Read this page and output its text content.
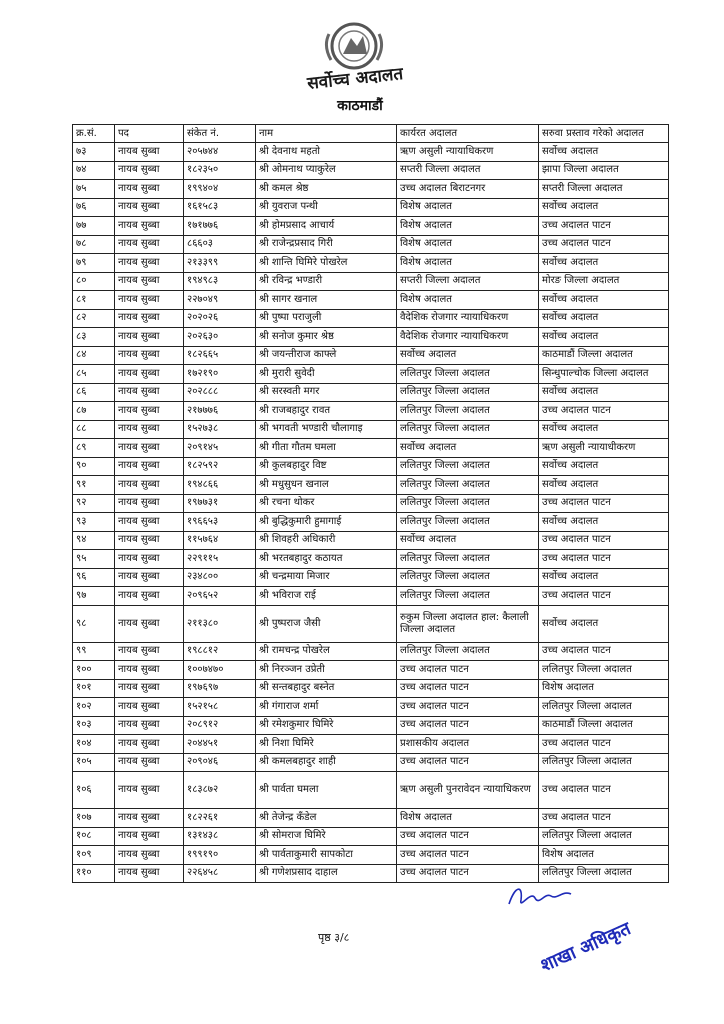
सर्वोच्च अदालत
काठमाडौं
क्र.सं.	पद	संकेत नं.	नाम	कार्यरत अदालत	सरुवा प्रस्ताव गरेको अदालत
७३	नायब सुब्बा	२०५७४४	श्री देवनाथ महतो	ऋण असुली न्यायाधिकरण	सर्वोच्च अदालत
७४	नायब सुब्बा	१८२३५०	श्री ओमनाथ प्याकुरेल	सप्तरी जिल्ला अदालत	झापा जिल्ला अदालत
७५	नायब सुब्बा	१९९४०४	श्री कमल श्रेष्ठ	उच्च अदालत बिराटनगर	सप्तरी जिल्ला अदालत
७६	नायब सुब्बा	१६१५८३	श्री युवराज पन्थी	विशेष अदालत	सर्वोच्च अदालत
७७	नायब सुब्बा	१७१७७६	श्री होमप्रसाद आचार्य	विशेष अदालत	उच्च अदालत पाटन
७८	नायब सुब्बा	८६६०३	श्री राजेन्द्रप्रसाद गिरी	विशेष अदालत	उच्च अदालत पाटन
७९	नायब सुब्बा	२१३३९९	श्री शान्ति घिमिरे पोखरेल	विशेष अदालत	सर्वोच्च अदालत
८०	नायब सुब्बा	१९४९८३	श्री रविन्द्र भण्डारी	सप्तरी जिल्ला अदालत	मोरङ जिल्ला अदालत
८१	नायब सुब्बा	२२७०४९	श्री सागर खनाल	विशेष अदालत	सर्वोच्च अदालत
८२	नायब सुब्बा	२०२०२६	श्री पुष्पा पराजुली	वैदेशिक रोजगार न्यायाधिकरण	सर्वोच्च अदालत
८३	नायब सुब्बा	२०२६३०	श्री सनोज कुमार श्रेष्ठ	वैदेशिक रोजगार न्यायाधिकरण	सर्वोच्च अदालत
८४	नायब सुब्बा	१८२६६५	श्री जयन्तीराज काफ्ले	सर्वोच्च अदालत	काठमाडौं जिल्ला अदालत
८५	नायब सुब्बा	१७२१९०	श्री मुरारी सुवेदी	ललितपुर जिल्ला अदालत	सिन्धुपाल्चोक जिल्ला अदालत
८६	नायब सुब्बा	२०२८८८	श्री सरस्वती मगर	ललितपुर जिल्ला अदालत	सर्वोच्च अदालत
८७	नायब सुब्बा	२१७७७६	श्री राजबहादुर रावत	ललितपुर जिल्ला अदालत	उच्च अदालत पाटन
८८	नायब सुब्बा	१५२७३८	श्री भगवती भण्डारी चौलागाइ	ललितपुर जिल्ला अदालत	सर्वोच्च अदालत
८९	नायब सुब्बा	२०९१४५	श्री गीता गौतम घमला	सर्वोच्च अदालत	ऋण असुली न्यायाधीकरण
९०	नायब सुब्बा	१८२५९२	श्री कुलबहादुर विष्ट	ललितपुर जिल्ला अदालत	सर्वोच्च अदालत
९१	नायब सुब्बा	१९४८६६	श्री मधुसुधन खनाल	ललितपुर जिल्ला अदालत	सर्वोच्च अदालत
९२	नायब सुब्बा	१९७७३१	श्री रचना थोकर	ललितपुर जिल्ला अदालत	उच्च अदालत पाटन
९३	नायब सुब्बा	१९६६५३	श्री बुद्धिकुमारी हुमागाई	ललितपुर जिल्ला अदालत	सर्वोच्च अदालत
९४	नायब सुब्बा	११५७६४	श्री शिवहरी अधिकारी	सर्वोच्च अदालत	उच्च अदालत पाटन
९५	नायब सुब्बा	२२९११५	श्री भरतबहादुर कठायत	ललितपुर जिल्ला अदालत	उच्च अदालत पाटन
९६	नायब सुब्बा	२३४८००	श्री चन्द्रमाया मिजार	ललितपुर जिल्ला अदालत	सर्वोच्च अदालत
९७	नायब सुब्बा	२०९६५२	श्री भविराज राई	ललितपुर जिल्ला अदालत	उच्च अदालत पाटन
९८	नायब सुब्बा	२११३८०	श्री पुष्पराज जैसी	रुकुम जिल्ला अदालत हाल: कैलाली जिल्ला अदालत	सर्वोच्च अदालत
९९	नायब सुब्बा	१९८८१२	श्री रामचन्द्र पोखरेल	ललितपुर जिल्ला अदालत	उच्च अदालत पाटन
१००	नायब सुब्बा	१००७४७०	श्री निरञ्जन उप्रेती	उच्च अदालत पाटन	ललितपुर जिल्ला अदालत
१०१	नायब सुब्बा	१९७६९७	श्री सन्तबहादुर बस्नेत	उच्च अदालत पाटन	विशेष अदालत
१०२	नायब सुब्बा	१५२१५८	श्री गंगाराज शर्मा	उच्च अदालत पाटन	ललितपुर जिल्ला अदालत
१०३	नायब सुब्बा	२०८९१२	श्री रमेशकुमार घिमिरे	उच्च अदालत पाटन	काठमाडौं जिल्ला अदालत
१०४	नायब सुब्बा	२०४४५१	श्री निशा घिमिरे	प्रशासकीय अदालत	उच्च अदालत पाटन
१०५	नायब सुब्बा	२०९०४६	श्री कमलबहादुर शाही	उच्च अदालत पाटन	ललितपुर जिल्ला अदालत
१०६	नायब सुब्बा	१८३८७२	श्री पार्वता घमला	ऋण असुली पुनरावेदन न्यायाधिकरण	उच्च अदालत पाटन
१०७	नायब सुब्बा	१८२२६१	श्री तेजेन्द्र कँडेल	विशेष अदालत	उच्च अदालत पाटन
१०८	नायब सुब्बा	१३१४३८	श्री सोमराज घिमिरे	उच्च अदालत पाटन	ललितपुर जिल्ला अदालत
१०९	नायब सुब्बा	१९९१९०	श्री पार्वताकुमारी सापकोटा	उच्च अदालत पाटन	विशेष अदालत
११०	नायब सुब्बा	२२६४५८	श्री गणेशप्रसाद दाहाल	उच्च अदालत पाटन	ललितपुर जिल्ला अदालत
पृष्ठ ३/८	शाखा अधिकृत
